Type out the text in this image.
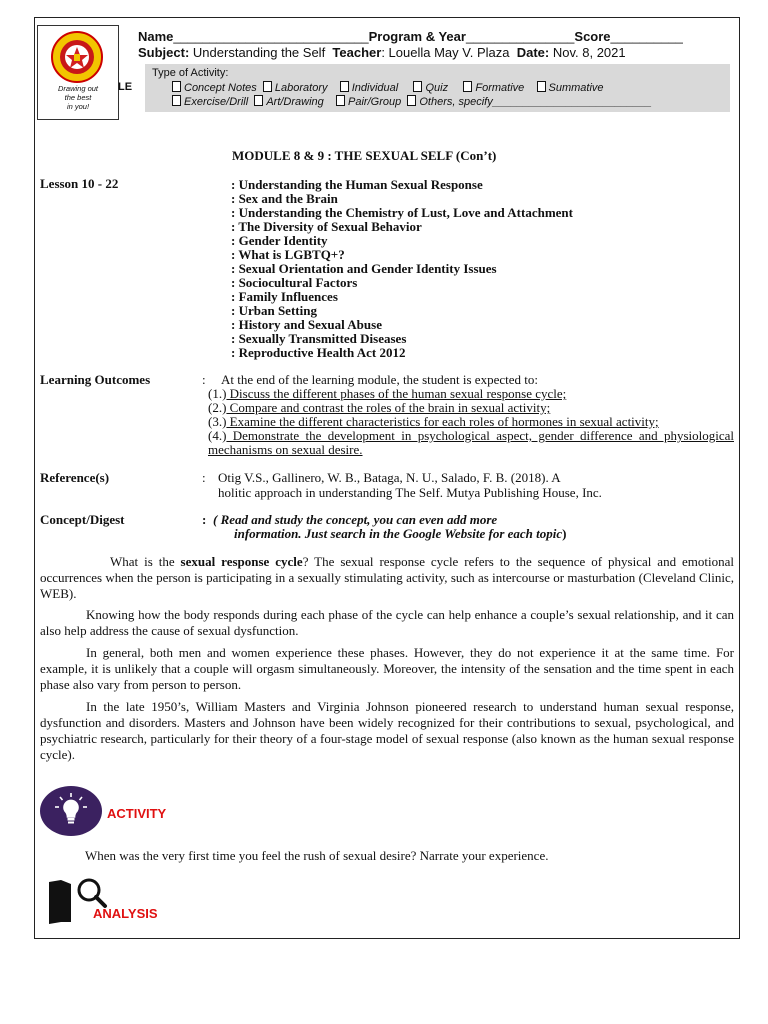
Drawing out
the best
in you!
Name___________________________Program & Year_______________Score__________
Subject: Understanding the Self Teacher: Louella May V. Plaza Date: Nov. 8, 2021
LE
Type of Activity:
Concept Notes Laboratory Individual Quiz Formative Summative
Exercise/Drill Art/Drawing Pair/Group Others, specify__________________________
MODULE 8 & 9 : THE SEXUAL SELF (Con’t)
Lesson 10 - 22	: Understanding the Human Sexual Response
: Sex and the Brain
: Understanding the Chemistry of Lust, Love and Attachment
: The Diversity of Sexual Behavior
: Gender Identity
: What is LGBTQ+?
: Sexual Orientation and Gender Identity Issues
: Sociocultural Factors
: Family Influences
: Urban Setting
: History and Sexual Abuse
: Sexually Transmitted Diseases
: Reproductive Health Act 2012
Learning Outcomes	: At the end of the learning module, the student is expected to:
(1.) Discuss the different phases of the human sexual response cycle;
(2.) Compare and contrast the roles of the brain in sexual activity;
(3.) Examine the different characteristics for each roles of hormones in sexual activity;
(4.) Demonstrate the development in psychological aspect, gender difference and physiological mechanisms on sexual desire.
Reference(s)	: Otig V.S., Gallinero, W. B., Bataga, N. U., Salado, F. B. (2018). A
holitic approach in understanding The Self. Mutya Publishing House, Inc.
Concept/Digest	: ( Read and study the concept, you can even add more
information. Just search in the Google Website for each topic)
What is the sexual response cycle? The sexual response cycle refers to the sequence of physical and emotional occurrences when the person is participating in a sexually stimulating activity, such as intercourse or masturbation (Cleveland Clinic, WEB).
Knowing how the body responds during each phase of the cycle can help enhance a couple’s sexual relationship, and it can also help address the cause of sexual dysfunction.
In general, both men and women experience these phases. However, they do not experience it at the same time. For example, it is unlikely that a couple will orgasm simultaneously. Moreover, the intensity of the sensation and the time spent in each phase also vary from person to person.
In the late 1950’s, William Masters and Virginia Johnson pioneered research to understand human sexual response, dysfunction and disorders. Masters and Johnson have been widely recognized for their contributions to sexual, psychological, and psychiatric research, particularly for their theory of a four-stage model of sexual response (also known as the human sexual response cycle).
ACTIVITY
When was the very first time you feel the rush of sexual desire? Narrate your experience.
ANALYSIS
